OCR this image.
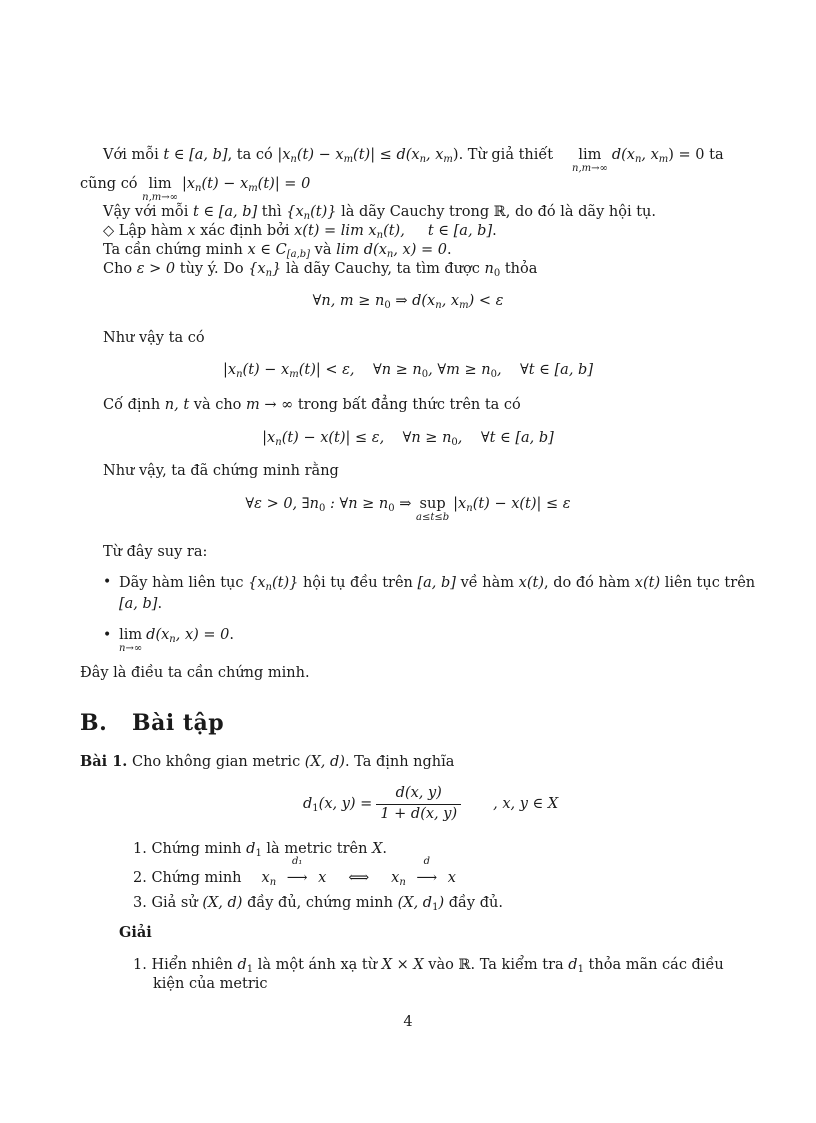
Với mỗi t ∈ [a, b], ta có $|x_n(t) - x_m(t)| \le d(x_n$, $x_m$). Từ giả thiết	lim
n,m→∞
$d(x_n$, $x_m) = 0$ ta
cũng có lim
n,m→∞
$|x_n(t) - x_m(t)| = 0$
Vậy với mỗi t ∈ [a, b] thì $\{x_n(t)\}$ là dãy Cauchy trong ℝ, do đó là dãy hội tụ.
◇ Lập hàm x xác định bởi $x(t) = \lim x_n(t)$,     t ∈ [a, b].
Ta cần chứng minh x ∈ $C_{[a,b]}$ và $\lim d(x_n$, x) = 0.
Cho ε > 0 tùy ý. Do $\{x_n\}$ là dãy Cauchy, ta tìm được $n_0$ thỏa
∀n, $m \ge n_0$ ⇒ $d(x_n$, $x_m) < \varepsilon$
Như vậy ta có
$|x_n(t) - x_m(t)| < \varepsilon$,    ∀n ≥ $n_0$, ∀m ≥ $n_0$,    ∀t ∈ [a, b]
Cố định n, t và cho m → ∞ trong bất đẳng thức trên ta có
$|x_n(t) - x(t)| \le \varepsilon$,    ∀n ≥ $n_0$,    ∀t ∈ [a, b]
Như vậy, ta đã chứng minh rằng
∀ε > 0, $\exists n_0$ : ∀n ≥ $n_0$ ⇒ sup
a≤t≤b
$|x_n(t) - x(t)| \le \varepsilon$
Từ đây suy ra:
• Dãy hàm liên tục $\{x_n(t)\}$ hội tụ đều trên [a, b] về hàm x(t), do đó hàm x(t) liên tục trên
[a, b].
• lim
n→∞
$d(x_n$, x) = 0.
Đây là điều ta cần chứng minh.
B. Bài tập
Bài 1. Cho không gian metric (X, d). Ta định nghĩa
$d_1(x$, $y) = \frac{d(x, y)}{1 + d(x, y)}$ , x, y ∈ X
1. Chứng minh $d_1$ là metric trên X.
2. Chứng minh $x_n$
d₁
⟶ x ⟺ $x_n$
d
⟶ x
3. Giả sử (X, d) đầy đủ, chứng minh (X, $d_1$) đầy đủ.
Giải
1. Hiển nhiên $d_1$ là một ánh xạ từ X × X vào ℝ. Ta kiểm tra $d_1$ thỏa mãn các điều
kiện của metric
4
